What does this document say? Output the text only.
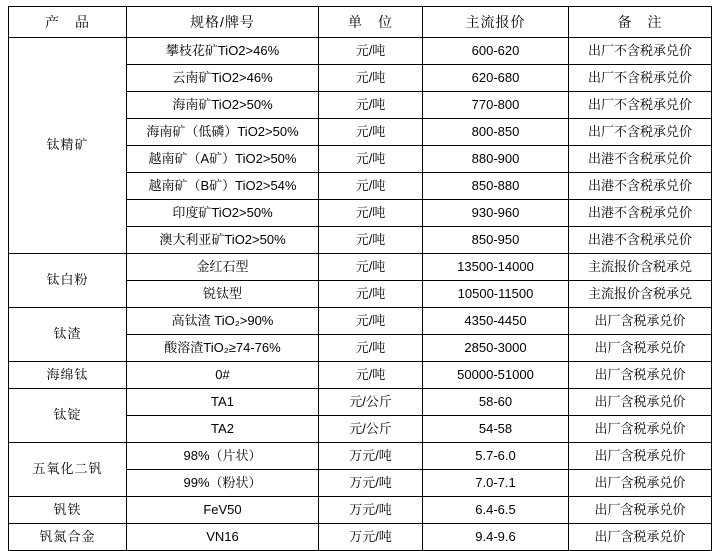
产　品	规格/牌号	单　位	主流报价	备　注
钛精矿	攀枝花矿TiO2>46%	元/吨	600-620	出厂不含税承兑价
	云南矿TiO2>46%	元/吨	620-680	出厂不含税承兑价
	海南矿TiO2>50%	元/吨	770-800	出厂不含税承兑价
	海南矿（低磷）TiO2>50%	元/吨	800-850	出厂不含税承兑价
	越南矿（A矿）TiO2>50%	元/吨	880-900	出港不含税承兑价
	越南矿（B矿）TiO2>54%	元/吨	850-880	出港不含税承兑价
	印度矿TiO2>50%	元/吨	930-960	出港不含税承兑价
	澳大利亚矿TiO2>50%	元/吨	850-950	出港不含税承兑价
钛白粉	金红石型	元/吨	13500-14000	主流报价含税承兑
	锐钛型	元/吨	10500-11500	主流报价含税承兑
钛渣	高钛渣 TiO₂>90%	元/吨	4350-4450	出厂含税承兑价
	酸溶渣TiO₂≥74-76%	元/吨	2850-3000	出厂含税承兑价
海绵钛	0#	元/吨	50000-51000	出厂含税承兑价
钛锭	TA1	元/公斤	58-60	出厂含税承兑价
	TA2	元/公斤	54-58	出厂含税承兑价
五氧化二钒	98%（片状）	万元/吨	5.7-6.0	出厂含税承兑价
	99%（粉状）	万元/吨	7.0-7.1	出厂含税承兑价
钒铁	FeV50	万元/吨	6.4-6.5	出厂含税承兑价
钒氮合金	VN16	万元/吨	9.4-9.6	出厂含税承兑价
